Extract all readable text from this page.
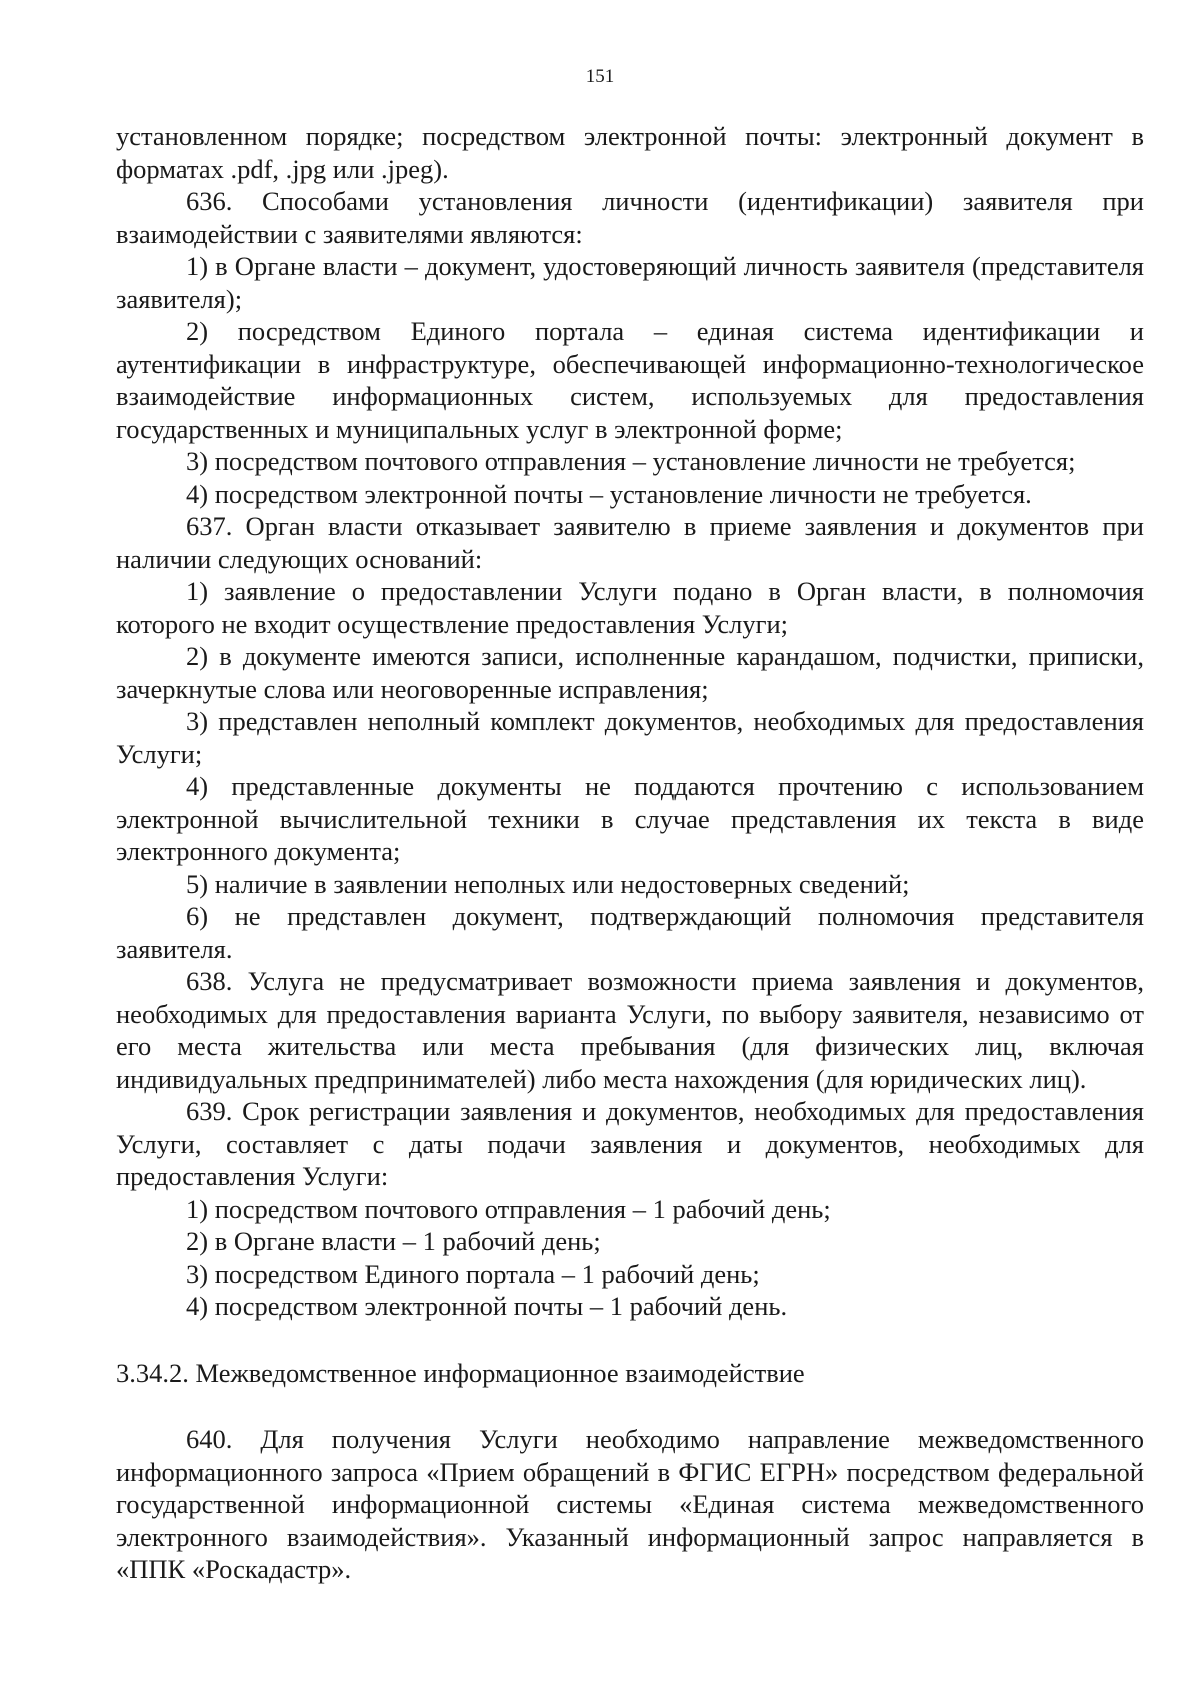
151

установленном порядке; посредством электронной почты: электронный документ в форматах .pdf, .jpg или .jpeg).

636. Способами установления личности (идентификации) заявителя при взаимодействии с заявителями являются:

1) в Органе власти – документ, удостоверяющий личность заявителя (представителя заявителя);

2) посредством Единого портала – единая система идентификации и аутентификации в инфраструктуре, обеспечивающей информационно-технологическое взаимодействие информационных систем, используемых для предоставления государственных и муниципальных услуг в электронной форме;

3) посредством почтового отправления – установление личности не требуется;

4) посредством электронной почты – установление личности не требуется.

637. Орган власти отказывает заявителю в приеме заявления и документов при наличии следующих оснований:

1) заявление о предоставлении Услуги подано в Орган власти, в полномочия которого не входит осуществление предоставления Услуги;

2) в документе имеются записи, исполненные карандашом, подчистки, приписки, зачеркнутые слова или неоговоренные исправления;

3) представлен неполный комплект документов, необходимых для предоставления Услуги;

4) представленные документы не поддаются прочтению с использованием электронной вычислительной техники в случае представления их текста в виде электронного документа;

5) наличие в заявлении неполных или недостоверных сведений;

6) не представлен документ, подтверждающий полномочия представителя заявителя.

638. Услуга не предусматривает возможности приема заявления и документов, необходимых для предоставления варианта Услуги, по выбору заявителя, независимо от его места жительства или места пребывания (для физических лиц, включая индивидуальных предпринимателей) либо места нахождения (для юридических лиц).

639. Срок регистрации заявления и документов, необходимых для предоставления Услуги, составляет с даты подачи заявления и документов, необходимых для предоставления Услуги:

1) посредством почтового отправления – 1 рабочий день;

2) в Органе власти – 1 рабочий день;

3) посредством Единого портала – 1 рабочий день;

4) посредством электронной почты – 1 рабочий день.

3.34.2. Межведомственное информационное взаимодействие

640. Для получения Услуги необходимо направление межведомственного информационного запроса «Прием обращений в ФГИС ЕГРН» посредством федеральной государственной информационной системы «Единая система межведомственного электронного взаимодействия». Указанный информационный запрос направляется в «ППК «Роскадастр».
